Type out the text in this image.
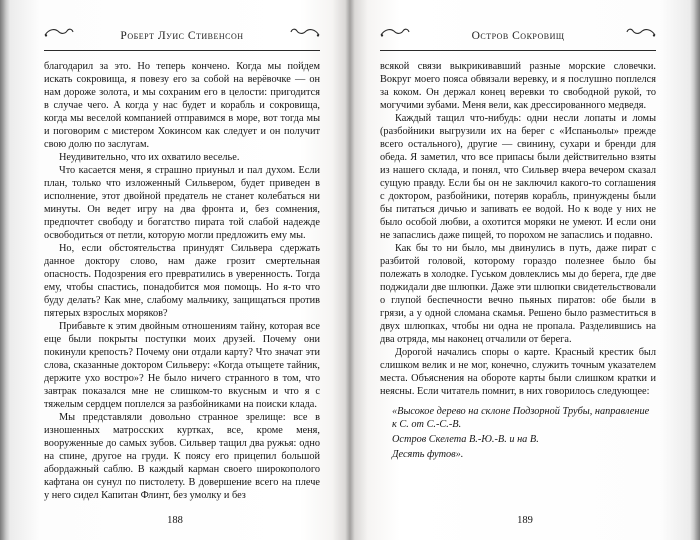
Роберт Луис Стивенсон

благодарил за это. Но теперь кончено. Когда мы пойдем искать сокровища, я повезу его за собой на верёвочке — он нам дороже золота, и мы сохраним его в целости: пригодится в случае чего. А когда у нас будет и корабль и сокровища, когда мы веселой компанией отправимся в море, вот тогда мы и поговорим с мистером Хокинсом как следует и он получит свою долю по заслугам.

Неудивительно, что их охватило веселье.

Что касается меня, я страшно приуныл и пал духом. Если план, только что изложенный Сильвером, будет приведен в исполнение, этот двойной предатель не станет колебаться ни минуты. Он ведет игру на два фронта и, без сомнения, предпочтет свободу и богатство пирата той слабой надежде освободиться от петли, которую могли предложить ему мы.

Но, если обстоятельства принудят Сильвера сдержать данное доктору слово, нам даже грозит смертельная опасность. Подозрения его превратились в уверенность. Тогда ему, чтобы спастись, понадобится моя помощь. Но я-то что буду делать? Как мне, слабому мальчику, защищаться против пятерых взрослых моряков?

Прибавьте к этим двойным отношениям тайну, которая все еще были покрыты поступки моих друзей. Почему они покинули крепость? Почему они отдали карту? Что значат эти слова, сказанные доктором Сильверу: «Когда отыщете тайник, держите ухо востро»? Не было ничего странного в том, что завтрак показался мне не слишком-то вкусным и что я с тяжелым сердцем поплелся за разбойниками на поиски клада.

Мы представляли довольно странное зрелище: все в изношенных матросских куртках, все, кроме меня, вооруженные до самых зубов. Сильвер тащил два ружья: одно на спине, другое на груди. К поясу его прицепил большой абордажный саблю. В каждый карман своего широкополого кафтана он сунул по пистолету. В довершение всего на плече у него сидел Капитан Флинт, без умолку и без

188
Остров Сокровищ

всякой связи выкрикивавший разные морские словечки. Вокруг моего пояса обвязали веревку, и я послушно поплелся за коком. Он держал конец веревки то свободной рукой, то могучими зубами. Меня вели, как дрессированного медведя.

Каждый тащил что-нибудь: одни несли лопаты и ломы (разбойники выгрузили их на берег с «Испаньолы» прежде всего остального), другие — свинину, сухари и бренди для обеда. Я заметил, что все припасы были действительно взяты из нашего склада, и понял, что Сильвер вчера вечером сказал сущую правду. Если бы он не заключил какого-то соглашения с доктором, разбойники, потеряв корабль, принуждены были бы питаться дичью и запивать ее водой. Но к воде у них не было особой любви, а охотится моряки не умеют. И если они не запаслись даже пищей, то порохом не запаслись и подавно.

Как бы то ни было, мы двинулись в путь, даже пират с разбитой головой, которому гораздо полезнее было бы полежать в холодке. Гуськом довлеклись мы до берега, где две поджидали две шлюпки. Даже эти шлюпки свидетельствовали о глупой беспечности вечно пьяных пиратов: обе были в грязи, а у одной сломана скамья. Решено было разместиться в двух шлюпках, чтобы ни одна не пропала. Разделившись на два отряда, мы наконец отчалили от берега.

Дорогой начались споры о карте. Красный крестик был слишком велик и не мог, конечно, служить точным указателем места. Объяснения на обороте карты были слишком кратки и неясны. Если читатель помнит, в них говорилось следующее:

«Высокое дерево на склоне Подзорной Трубы, направление к С. от С.-С.-В.

Остров Скелета В.-Ю.-В. и на В.

Десять футов».

189
